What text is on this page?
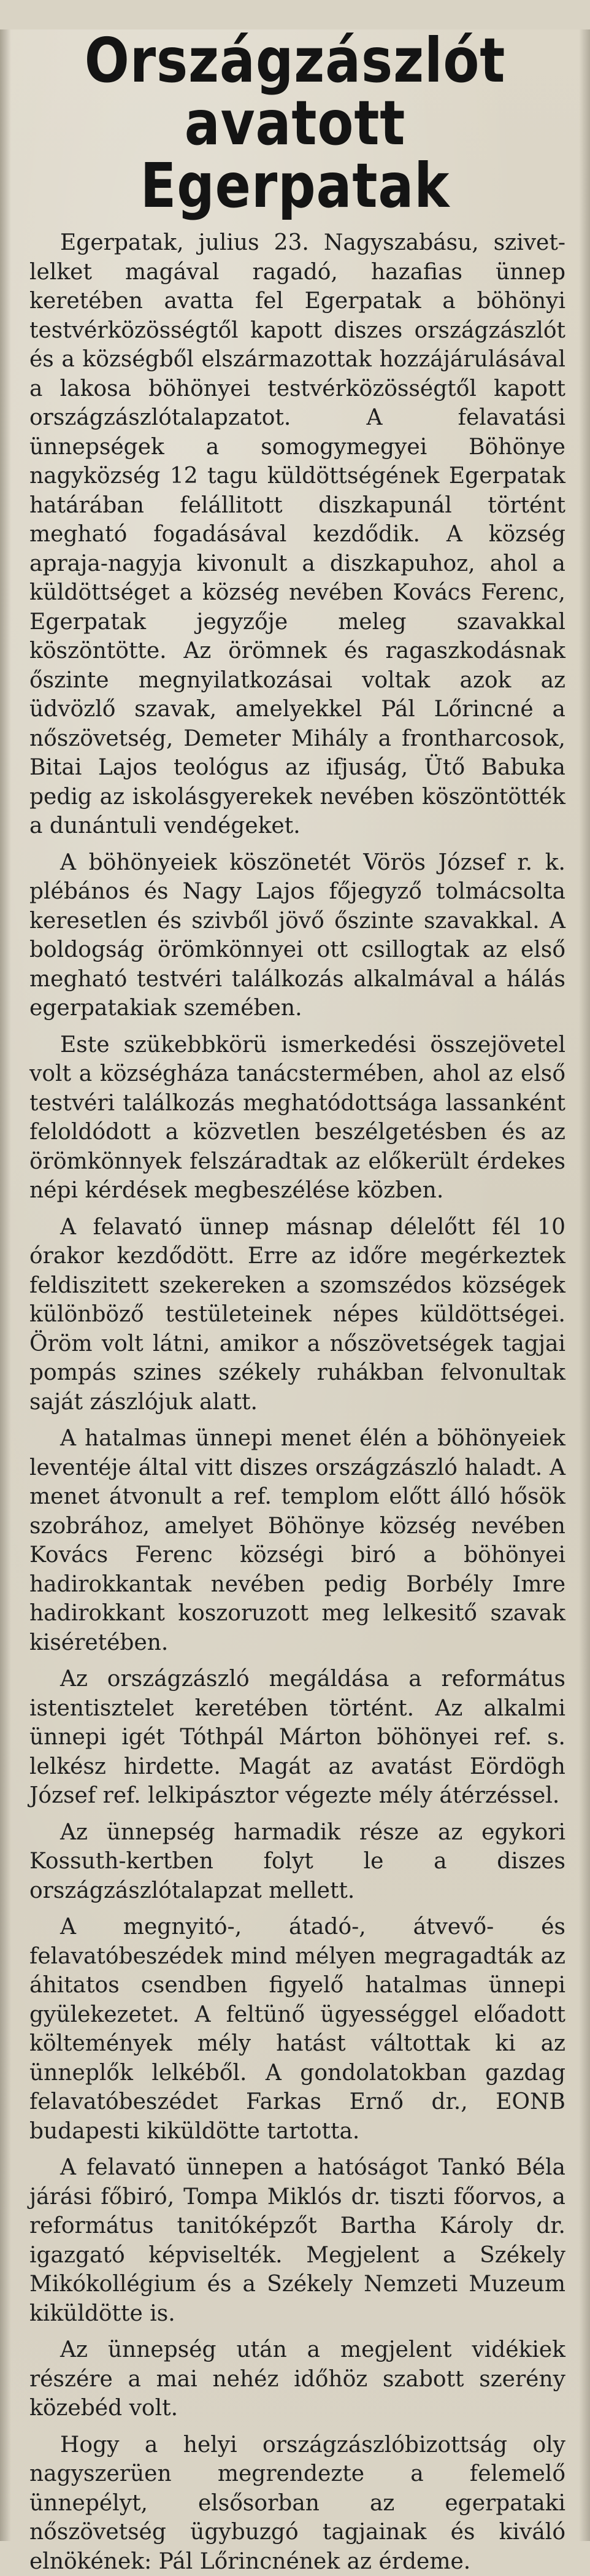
Országzászlót
avatott Egerpatak

Egerpatak, julius 23. Nagyszabásu, szivet-lelket magával ragadó, hazafias ünnep keretében avatta fel Egerpatak a böhönyi testvérközösségtől kapott diszes országzászlót és a községből elszármazottak hozzájárulásával a lakosa böhönyei testvérközösségtől kapott országzászlótalapzatot. A felavatási ünnepségek a somogymegyei Böhönye nagyközség 12 tagu küldöttségének Egerpatak határában felállitott diszkapunál történt megható fogadásával kezdődik. A község apraja-nagyja kivonult a diszkapuhoz, ahol a küldöttséget a község nevében Kovács Ferenc, Egerpatak jegyzője meleg szavakkal köszöntötte. Az örömnek és ragaszkodásnak őszinte megnyilatkozásai voltak azok az üdvözlő szavak, amelyekkel Pál Lőrincné a nőszövetség, Demeter Mihály a frontharcosok, Bitai Lajos teológus az ifjuság, Ütő Babuka pedig az iskolásgyerekek nevében köszöntötték a dunántuli vendégeket.

A böhönyeiek köszönetét Vörös József r. k. plébános és Nagy Lajos főjegyző tolmácsolta keresetlen és szivből jövő őszinte szavakkal. A boldogság örömkönnyei ott csillogtak az első megható testvéri találkozás alkalmával a hálás egerpatakiak szemében.

Este szükebbkörü ismerkedési összejövetel volt a községháza tanácstermében, ahol az első testvéri találkozás meghatódottsága lassanként feloldódott a közvetlen beszélgetésben és az örömkönnyek felszáradtak az előkerült érdekes népi kérdések megbeszélése közben.

A felavató ünnep másnap délelőtt fél 10 órakor kezdődött. Erre az időre megérkeztek feldiszitett szekereken a szomszédos községek különböző testületeinek népes küldöttségei. Öröm volt látni, amikor a nőszövetségek tagjai pompás szines székely ruhákban felvonultak saját zászlójuk alatt.

A hatalmas ünnepi menet élén a böhönyeiek leventéje által vitt diszes országzászló haladt. A menet átvonult a ref. templom előtt álló hősök szobrához, amelyet Böhönye község nevében Kovács Ferenc községi biró a böhönyei hadirokkantak nevében pedig Borbély Imre hadirokkant koszoruzott meg lelkesitő szavak kiséretében.

Az országzászló megáldása a református istentisztelet keretében történt. Az alkalmi ünnepi igét Tóthpál Márton böhönyei ref. s. lelkész hirdette. Magát az avatást Eördögh József ref. lelkipásztor végezte mély átérzéssel.

Az ünnepség harmadik része az egykori Kossuth-kertben folyt le a diszes országzászlótalapzat mellett.

A megnyitó-, átadó-, átvevő- és felavatóbeszédek mind mélyen megragadták az áhitatos csendben figyelő hatalmas ünnepi gyülekezetet. A feltünő ügyességgel előadott költemények mély hatást váltottak ki az ünneplők lelkéből. A gondolatokban gazdag felavatóbeszédet Farkas Ernő dr., EONB budapesti kiküldötte tartotta.

A felavató ünnepen a hatóságot Tankó Béla járási főbiró, Tompa Miklós dr. tiszti főorvos, a református tanitóképzőt Bartha Károly dr. igazgató képviselték. Megjelent a Székely Mikókollégium és a Székely Nemzeti Muzeum kiküldötte is.

Az ünnepség után a megjelent vidékiek részére a mai nehéz időhöz szabott szerény közebéd volt.

Hogy a helyi országzászlóbizottság oly nagyszerüen megrendezte a felemelő ünnepélyt, elsősorban az egerpataki nőszövetség ügybuzgó tagjainak és kiváló elnökének: Pál Lőrincnének az érdeme.
